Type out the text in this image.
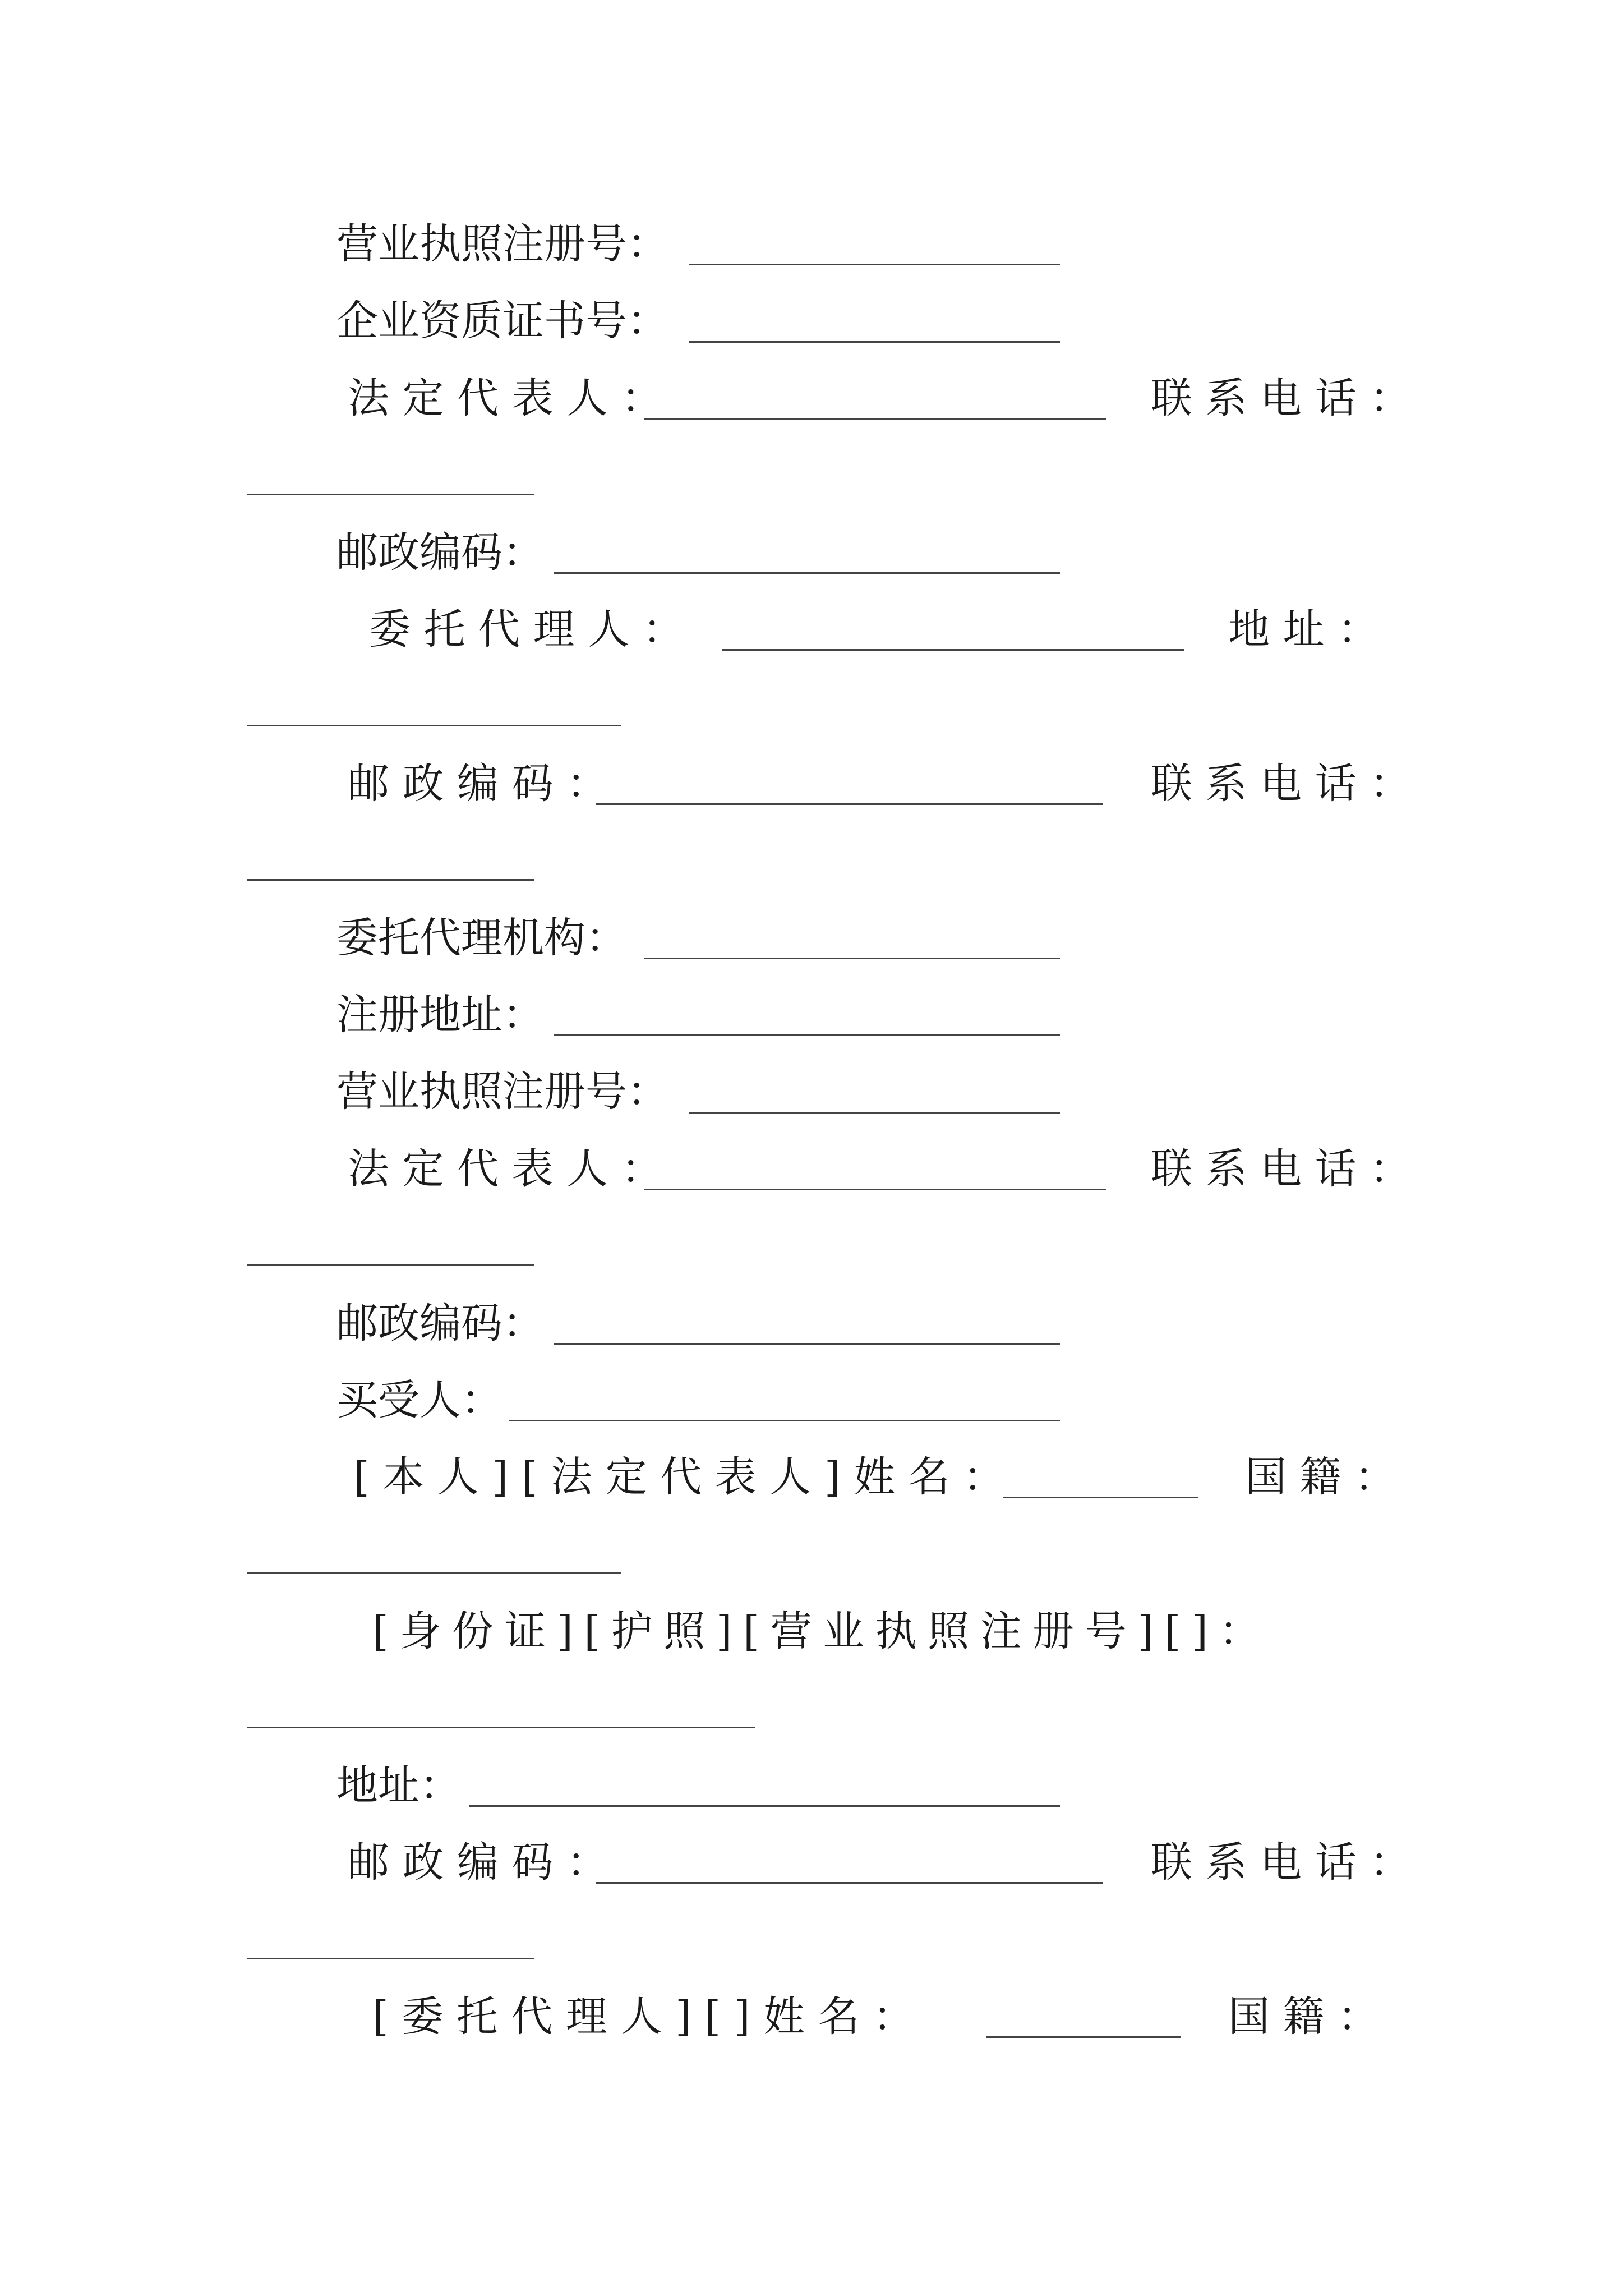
营业执照注册号：
企业资质证书号：
法 定 代 表 人 ：	联 系 电 话 ：
邮政编码：
委 托 代 理 人 ：	地 址 ：
邮 政 编 码 ：	联 系 电 话 ：
委托代理机构：
注册地址：
营业执照注册号：
法 定 代 表 人 ：	联 系 电 话 ：
邮政编码：
买受人：
[ 本 人 ] [ 法 定 代 表 人 ] 姓 名 ：	国 籍 ：
[ 身 份 证 ] [ 护 照 ] [ 营 业 执 照 注 册 号 ] [ ] ：
地址：
邮 政 编 码 ：	联 系 电 话 ：
[ 委 托 代 理 人 ] [ ] 姓 名 ：	国 籍 ：
